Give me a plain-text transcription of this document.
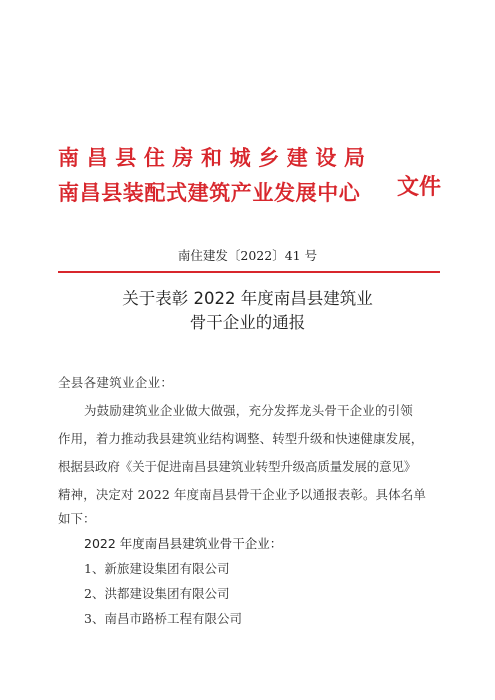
南昌县住房和城乡建设局
南昌县装配式建筑产业发展中心 文件
南住建发〔2022〕41 号
关于表彰 2022 年度南昌县建筑业
骨干企业的通报
全县各建筑业企业：
为鼓励建筑业企业做大做强，充分发挥龙头骨干企业的引领
作用，着力推动我县建筑业结构调整、转型升级和快速健康发展，
根据县政府《关于促进南昌县建筑业转型升级高质量发展的意见》
精神，决定对 2022 年度南昌县骨干企业予以通报表彰。具体名单
如下：
2022 年度南昌县建筑业骨干企业：
1、新旅建设集团有限公司
2、洪都建设集团有限公司
3、南昌市路桥工程有限公司
